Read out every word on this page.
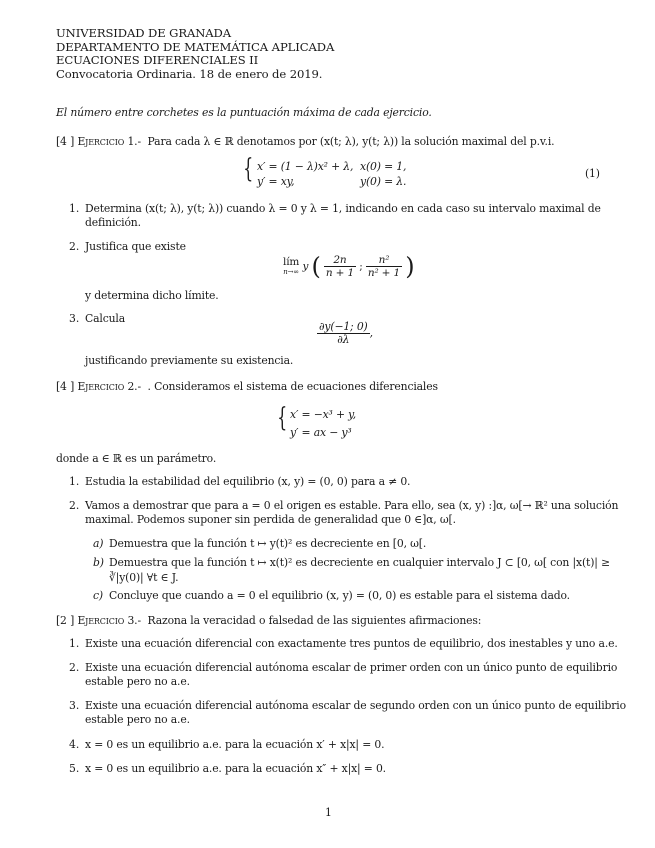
UNIVERSIDAD DE GRANADA
DEPARTAMENTO DE MATEMÁTICA APLICADA
ECUACIONES DIFERENCIALES II
Convocatoria Ordinaria. 18 de enero de 2019.
El número entre corchetes es la puntuación máxima de cada ejercicio.
[4 ] Ejercicio 1.- Para cada λ ∈ ℝ denotamos por (x(t; λ), y(t; λ)) la solución maximal del p.v.i.
{ x′ = (1 − λ)x² + λ, x(0) = 1,
y′ = xy,	y(0) = λ.
(1)
1. Determina (x(t; λ), y(t; λ)) cuando λ = 0 y λ = 1, indicando en cada caso su intervalo maximal de
definición.
2. Justifica que existe
lím
n→∞ y ( $\frac{2n}{n + 1}$ ; $\frac{\text{n²}}{\text{n² + 1}}$ )
y determina dicho límite.
3. Calcula
$\frac{\partial y(-1; 0)}{\partial\lambda}$ ,
justificando previamente su existencia.
[4 ] Ejercicio 2.- . Consideramos el sistema de ecuaciones diferenciales
{ x′ = −x³ + y,
y′ = ax − y³
donde a ∈ ℝ es un parámetro.
1. Estudia la estabilidad del equilibrio (x, y) = (0, 0) para a ≠ 0.
2. Vamos a demostrar que para a = 0 el origen es estable. Para ello, sea (x, y) :]α, ω[→ ℝ² una solución
maximal. Podemos suponer sin perdida de generalidad que 0 ∈]α, ω[.
a) Demuestra que la función t ↦ y(t)² es decreciente en [0, ω[.
b) Demuestra que la función t ↦ x(t)² es decreciente en cualquier intervalo J ⊂ [0, ω[ con |x(t)| ≥
∛|y(0)| ∀t ∈ J.
c) Concluye que cuando a = 0 el equilibrio (x, y) = (0, 0) es estable para el sistema dado.
[2 ] Ejercicio 3.- Razona la veracidad o falsedad de las siguientes afirmaciones:
1. Existe una ecuación diferencial con exactamente tres puntos de equilibrio, dos inestables y uno a.e.
2. Existe una ecuación diferencial autónoma escalar de primer orden con un único punto de equilibrio
estable pero no a.e.
3. Existe una ecuación diferencial autónoma escalar de segundo orden con un único punto de equilibrio
estable pero no a.e.
4. x = 0 es un equilibrio a.e. para la ecuación x′ + x|x| = 0.
5. x = 0 es un equilibrio a.e. para la ecuación x″ + x|x| = 0.
1
